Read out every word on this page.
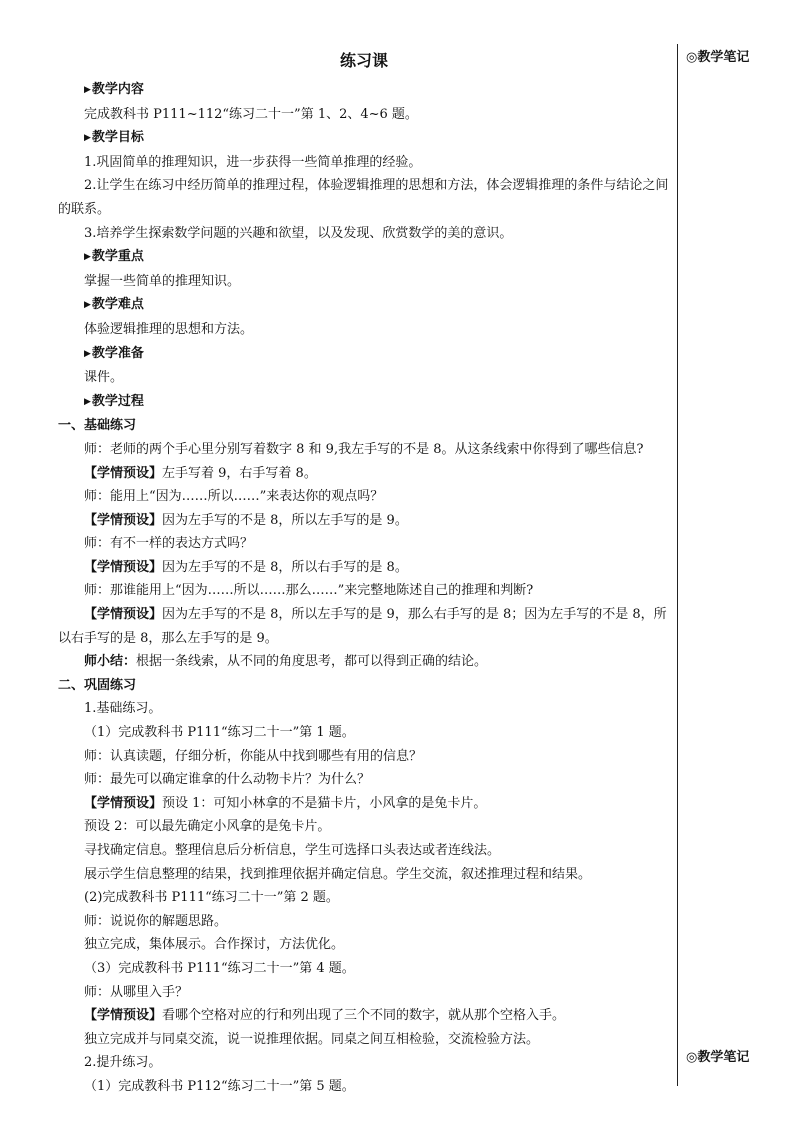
练习课
▶教学内容
完成教科书 P111~112“练习二十一”第 1、2、4~6 题。
▶教学目标
1.巩固简单的推理知识，进一步获得一些简单推理的经验。
2.让学生在练习中经历简单的推理过程，体验逻辑推理的思想和方法，体会逻辑推理的条件与结论之间的联系。
3.培养学生探索数学问题的兴趣和欲望，以及发现、欣赏数学的美的意识。
▶教学重点
掌握一些简单的推理知识。
▶教学难点
体验逻辑推理的思想和方法。
▶教学准备
课件。
▶教学过程
一、基础练习
师：老师的两个手心里分别写着数字 8 和 9,我左手写的不是 8。从这条线索中你得到了哪些信息?
【学情预设】左手写着 9，右手写着 8。
师：能用上“因为……所以……”来表达你的观点吗？
【学情预设】因为左手写的不是 8，所以左手写的是 9。
师：有不一样的表达方式吗？
【学情预设】因为左手写的不是 8，所以右手写的是 8。
师：那谁能用上“因为……所以……那么……”来完整地陈述自己的推理和判断?
【学情预设】因为左手写的不是 8，所以左手写的是 9，那么右手写的是 8；因为左手写的不是 8，所以右手写的是 8，那么左手写的是 9。
师小结：根据一条线索，从不同的角度思考，都可以得到正确的结论。
二、巩固练习
1.基础练习。
（1）完成教科书 P111“练习二十一”第 1 题。
师：认真读题，仔细分析，你能从中找到哪些有用的信息？
师：最先可以确定谁拿的什么动物卡片？为什么？
【学情预设】预设 1：可知小林拿的不是猫卡片，小风拿的是兔卡片。
预设 2：可以最先确定小风拿的是兔卡片。
寻找确定信息。整理信息后分析信息，学生可选择口头表达或者连线法。
展示学生信息整理的结果，找到推理依据并确定信息。学生交流，叙述推理过程和结果。
(2)完成教科书 P111“练习二十一”第 2 题。
师：说说你的解题思路。
独立完成，集体展示。合作探讨，方法优化。
（3）完成教科书 P111“练习二十一”第 4 题。
师：从哪里入手？
【学情预设】看哪个空格对应的行和列出现了三个不同的数字，就从那个空格入手。
独立完成并与同桌交流，说一说推理依据。同桌之间互相检验，交流检验方法。
2.提升练习。
（1）完成教科书 P112“练习二十一”第 5 题。
◎教学笔记
◎教学笔记
